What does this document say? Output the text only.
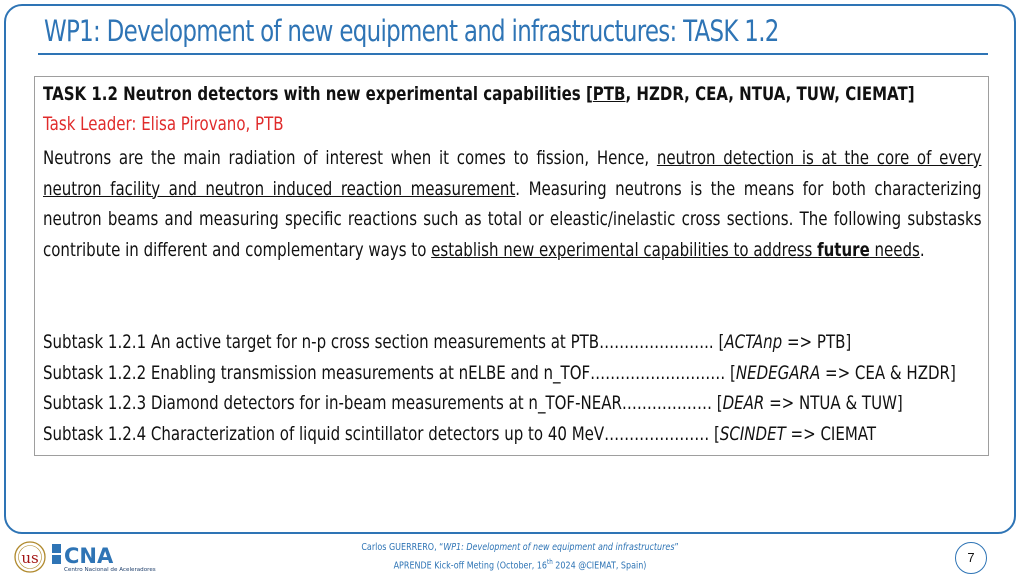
WP1: Development of new equipment and infrastructures: TASK 1.2
TASK 1.2 Neutron detectors with new experimental capabilities [PTB, HZDR, CEA, NTUA, TUW, CIEMAT]
Task Leader: Elisa Pirovano, PTB
Neutrons are the main radiation of interest when it comes to fission, Hence, neutron detection is at the core of every neutron facility and neutron induced reaction measurement. Measuring neutrons is the means for both characterizing neutron beams and measuring specific reactions such as total or eleastic/inelastic cross sections. The following substasks contribute in different and complementary ways to establish new experimental capabilities to address future needs.
Subtask 1.2.1 An active target for n-p cross section measurements at PTB………………….. [ACTAnp => PTB]
Subtask 1.2.2 Enabling transmission measurements at nELBE and n_TOF……………………… [NEDEGARA => CEA & HZDR]
Subtask 1.2.3 Diamond detectors for in-beam measurements at n_TOF-NEAR……………… [DEAR => NTUA & TUW]
Subtask 1.2.4 Characterization of liquid scintillator detectors up to 40 MeV………………… [SCINDET => CIEMAT
us CNA
Centro Nacional de Aceleradores
Carlos GUERRERO, “WP1: Development of new equipment and infrastructures”
APRENDE Kick-off Meting (October, 16th 2024 @CIEMAT, Spain)
7
